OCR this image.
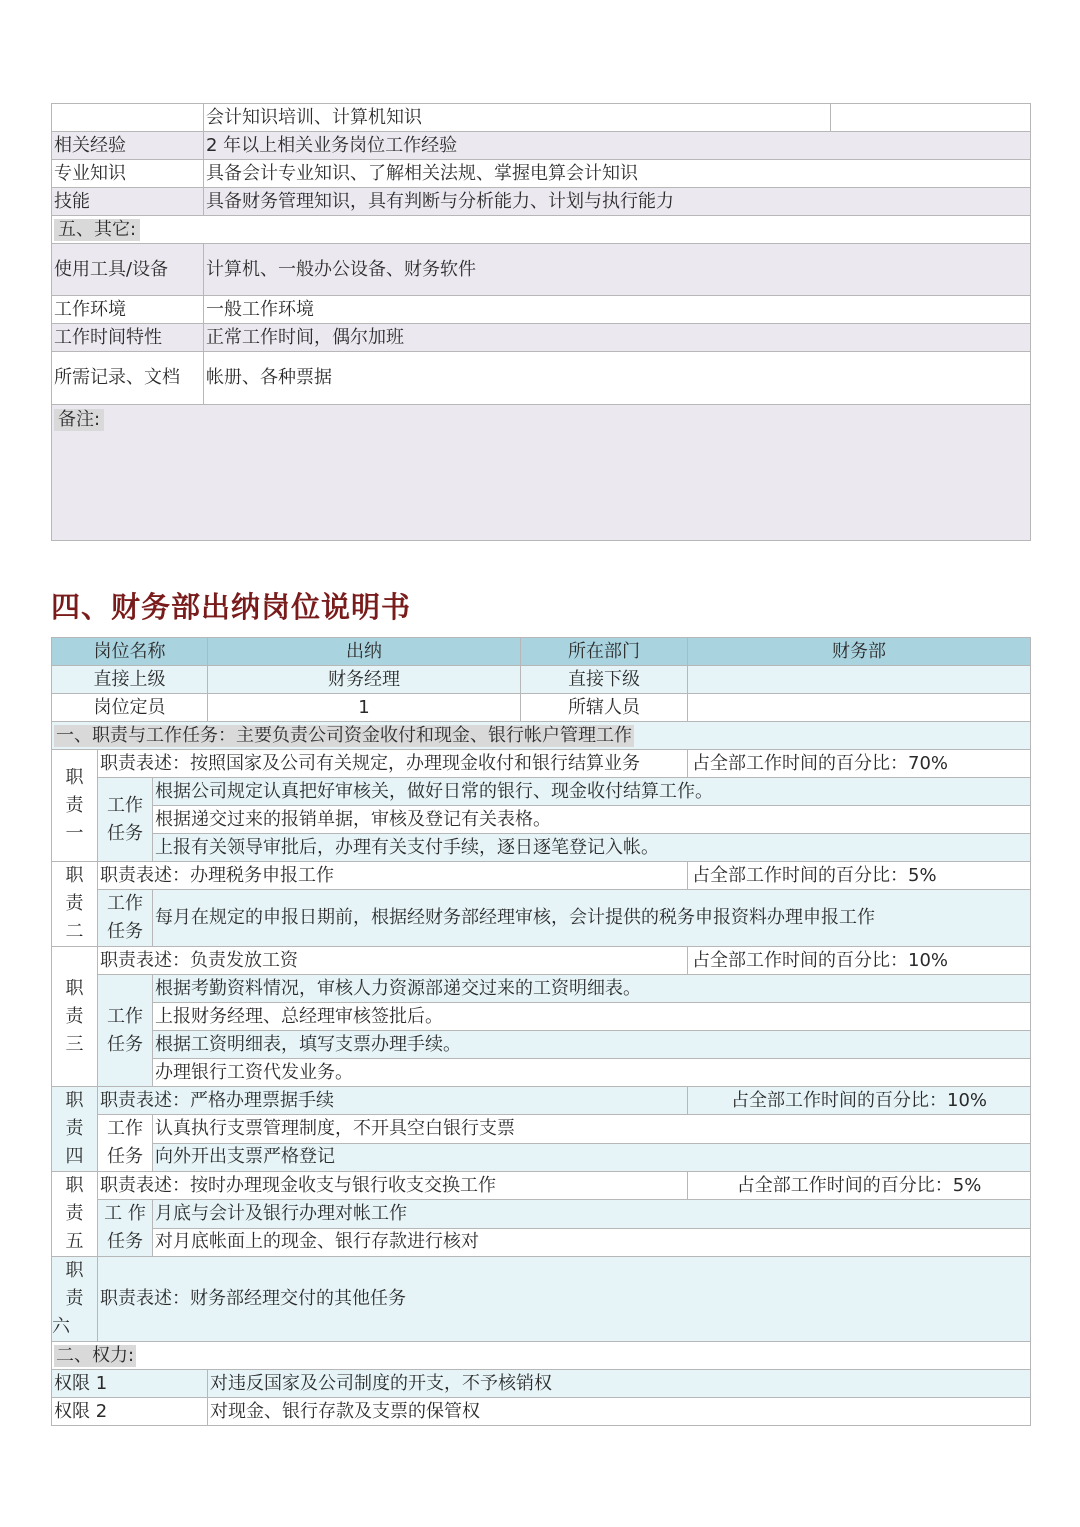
	会计知识培训、计算机知识	
相关经验	2 年以上相关业务岗位工作经验	
专业知识	具备会计专业知识、了解相关法规、掌握电算会计知识	
技能	具备财务管理知识，具有判断与分析能力、计划与执行能力	
五、其它:		
使用工具/设备	计算机、一般办公设备、财务软件	
工作环境	一般工作环境	
工作时间特性	正常工作时间，偶尔加班	
所需记录、文档	帐册、各种票据	
备注:		
四、财务部出纳岗位说明书
岗位名称			出纳	所在部门	财务部
直接上级			财务经理	直接下级	
岗位定员			1	所辖人员	
一、职责与工作任务：主要负责公司资金收付和现金、银行帐户管理工作					

职
责
一	职责表述：按照国家及公司有关规定，办理现金收付和银行结算业务				占全部工作时间的百分比：70%

	工作
任务	根据公司规定认真把好审核关，做好日常的银行、现金收付结算工作。			
		根据递交过来的报销单据，审核及登记有关表格。			
		上报有关领导审批后，办理有关支付手续，逐日逐笔登记入帐。			

职
责
二	职责表述：办理税务申报工作				占全部工作时间的百分比：5%

	工作
任务	每月在规定的申报日期前，根据经财务部经理审核，会计提供的税务申报资料办理申报工作			

职
责
三	职责表述：负责发放工资				占全部工作时间的百分比：10%

	工作
任务	根据考勤资料情况，审核人力资源部递交过来的工资明细表。			
		上报财务经理、总经理审核签批后。			
		根据工资明细表，填写支票办理手续。			
		办理银行工资代发业务。			

职
责
四	职责表述：严格办理票据手续				占全部工作时间的百分比：10%

	工作
任务	认真执行支票管理制度，不开具空白银行支票			
		向外开出支票严格登记			

职
责
五	职责表述：按时办理现金收支与银行收支交换工作				占全部工作时间的百分比：5%

	工 作
任务	月底与会计及银行办理对帐工作			
		对月底帐面上的现金、银行存款进行核对			

职
责
六	职责表述：财务部经理交付的其他任务				
二、权力:					
权限 1			对违反国家及公司制度的开支，不予核销权		
权限 2			对现金、银行存款及支票的保管权		
